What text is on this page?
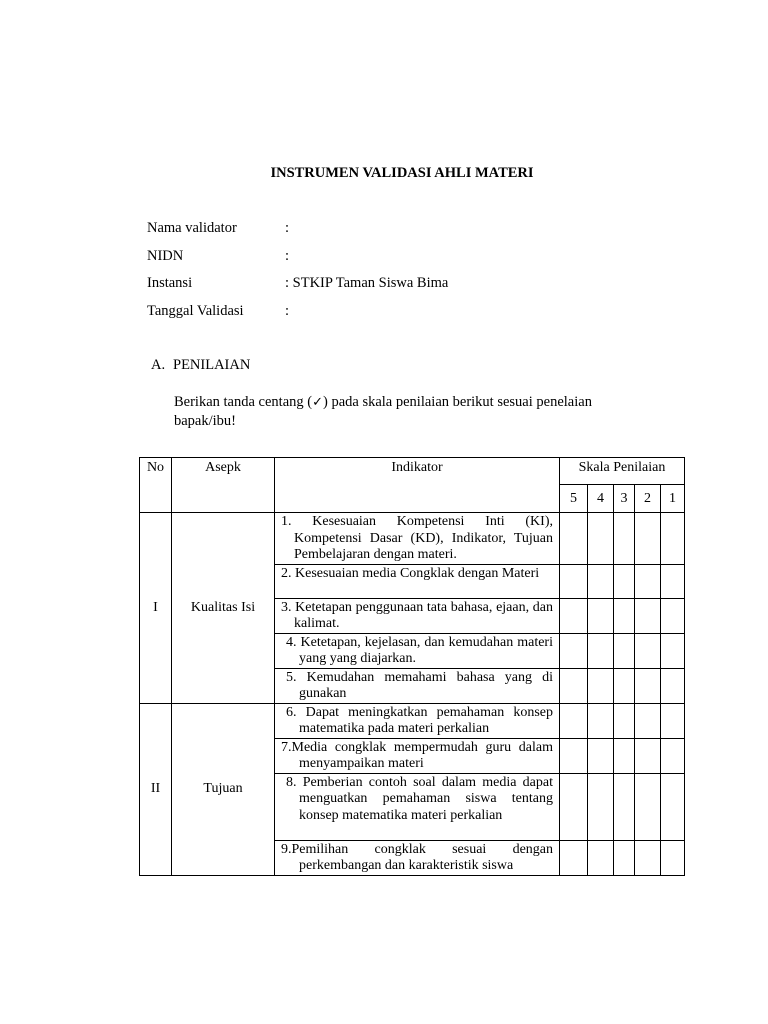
INSTRUMEN VALIDASI AHLI MATERI
Nama validator	:
NIDN	:
Instansi	: STKIP Taman Siswa Bima
Tanggal Validasi	:
A. PENILAIAN
Berikan tanda centang (✓) pada skala penilaian berikut sesuai penelaian bapak/ibu!
No	Asepk	Indikator	Skala Penilaian				
			5	4	3	2	1
I	Kualitas Isi	1. Kesesuaian Kompetensi Inti (KI), Kompetensi Dasar (KD), Indikator, Tujuan Pembelajaran dengan materi.					

		2. Kesesuaian media Congklak dengan Materi					

		3. Ketetapan penggunaan tata bahasa, ejaan, dan kalimat.					

		4. Ketetapan, kejelasan, dan kemudahan materi yang yang diajarkan.					

		5. Kemudahan memahami bahasa yang di gunakan					

II	Tujuan	6. Dapat meningkatkan pemahaman konsep matematika pada materi perkalian					

		7.Media congklak mempermudah guru dalam menyampaikan materi					

		8. Pemberian contoh soal dalam media dapat menguatkan pemahaman siswa tentang konsep matematika materi perkalian					

		9.Pemilihan congklak sesuai dengan perkembangan dan karakteristik siswa					
